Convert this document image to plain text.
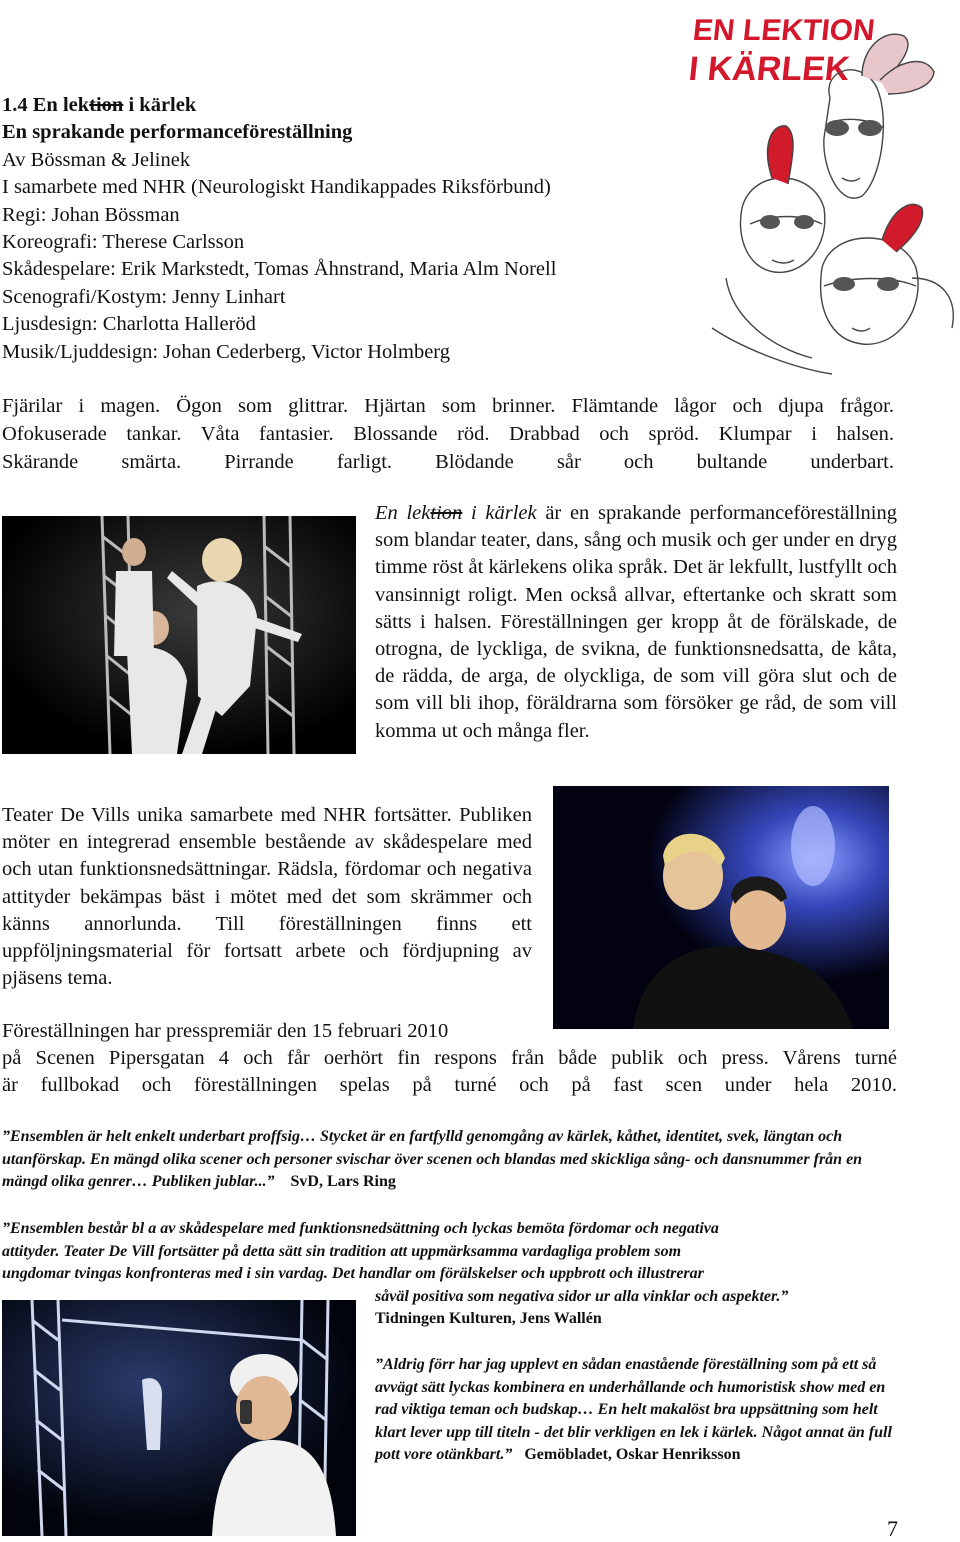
1.4 En lektion i kärlek
En sprakande performanceföreställning
Av Bössman & Jelinek
I samarbete med NHR (Neurologiskt Handikappades Riksförbund)
Regi: Johan Bössman
Koreografi: Therese Carlsson
Skådespelare: Erik Markstedt, Tomas Åhnstrand, Maria Alm Norell
Scenografi/Kostym: Jenny Linhart
Ljusdesign: Charlotta Halleröd
Musik/Ljuddesign: Johan Cederberg, Victor Holmberg
EN LEKTION
I KÄRLEK
Fjärilar i magen. Ögon som glittrar. Hjärtan som brinner. Flämtande lågor och djupa frågor.
Ofokuserade tankar. Våta fantasier. Blossande röd. Drabbad och spröd. Klumpar i halsen.
Skärande smärta. Pirrande farligt. Blödande sår och bultande underbart.
En lektion i kärlek är en sprakande performanceföreställning som blandar teater, dans, sång och musik och ger under en dryg timme röst åt kärlekens olika språk. Det är lekfullt, lustfyllt och vansinnigt roligt. Men också allvar, eftertanke och skratt som sätts i halsen. Föreställningen ger kropp åt de förälskade, de otrogna, de lyckliga, de svikna, de funktionsnedsatta, de kåta, de rädda, de arga, de olyckliga, de som vill göra slut och de som vill bli ihop, föräldrarna som försöker ge råd, de som vill komma ut och många fler.
Teater De Vills unika samarbete med NHR fortsätter. Publiken möter en integrerad ensemble bestående av skådespelare med och utan funktionsnedsättningar. Rädsla, fördomar och negativa attityder bekämpas bäst i mötet med det som skrämmer och känns annorlunda. Till föreställningen finns ett uppföljningsmaterial för fortsatt arbete och fördjupning av pjäsens tema.
Föreställningen har presspremiär den 15 februari 2010
på Scenen Pipersgatan 4 och får oerhört fin respons från både publik och press. Vårens turné
är fullbokad och föreställningen spelas på turné och på fast scen under hela 2010.
”Ensemblen är helt enkelt underbart proffsig… Stycket är en fartfylld genomgång av kärlek, kåthet, identitet, svek, längtan och utanförskap. En mängd olika scener och personer svischar över scenen och blandas med skickliga sång- och dansnummer från en mängd olika genrer… Publiken jublar...” SvD, Lars Ring
”Ensemblen består bl a av skådespelare med funktionsnedsättning och lyckas bemöta fördomar och negativa
attityder. Teater De Vill fortsätter på detta sätt sin tradition att uppmärksamma vardagliga problem som
ungdomar tvingas konfronteras med i sin vardag. Det handlar om förälskelser och uppbrott och illustrerar
såväl positiva som negativa sidor ur alla vinklar och aspekter.”
Tidningen Kulturen, Jens Wallén
”Aldrig förr har jag upplevt en sådan enastående föreställning som på ett så avvägt sätt lyckas kombinera en underhållande och humoristisk show med en rad viktiga teman och budskap… En helt makalöst bra uppsättning som helt klart lever upp till titeln - det blir verkligen en lek i kärlek. Något annat än full pott vore otänkbart.” Gemöbladet, Oskar Henriksson
7
